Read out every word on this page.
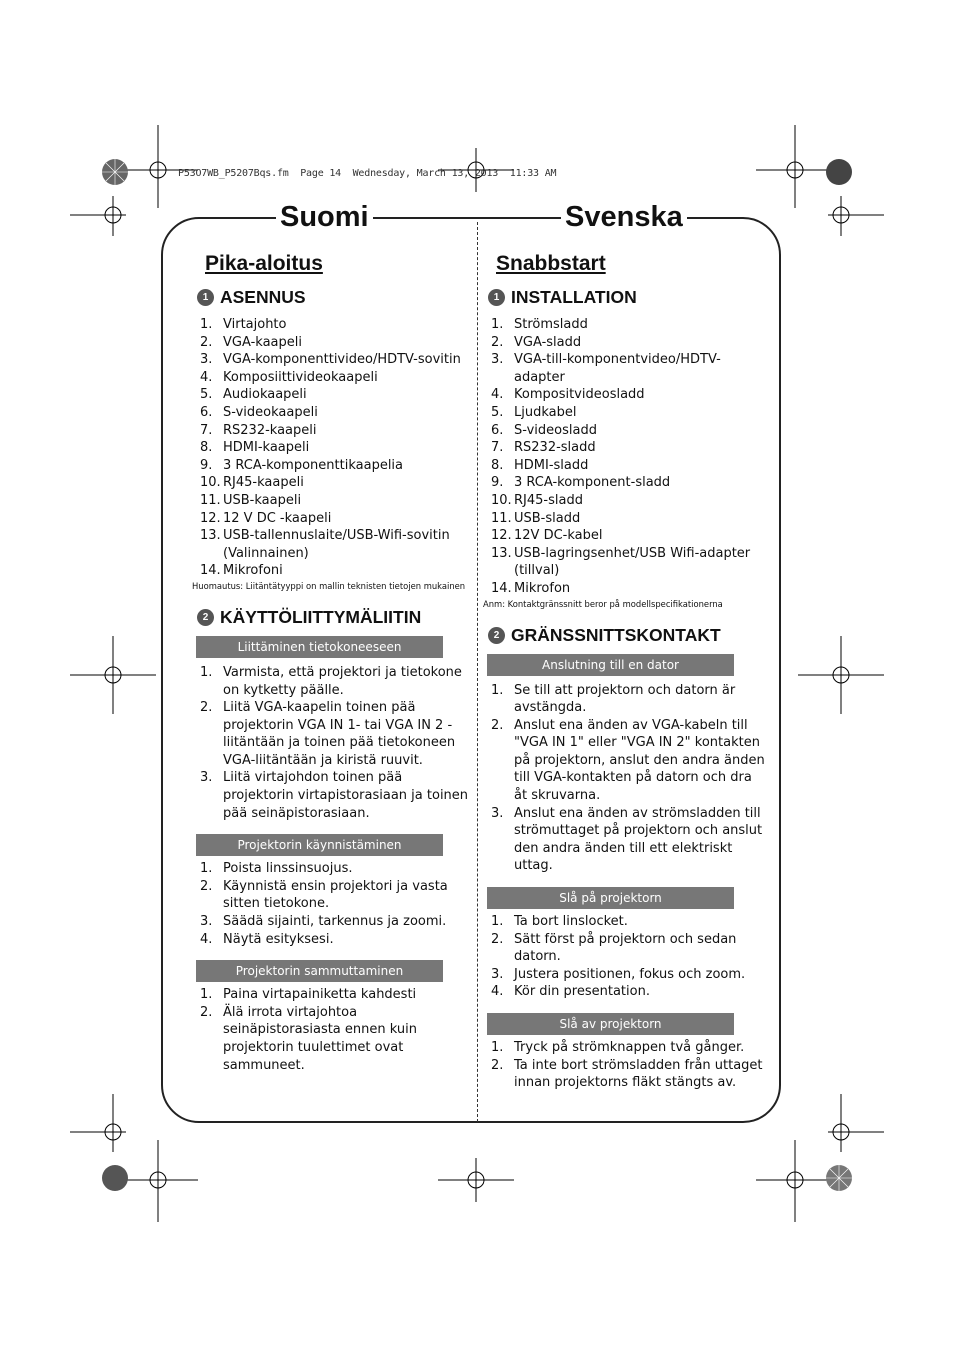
P53O7WB_P5207Bqs.fm  Page 14  Wednesday, March 13, 2013  11:33 AM
Suomi	Svenska
Pika-aloitus
1 ASENNUS
1. Virtajohto
2. VGA-kaapeli
3. VGA-komponenttivideo/HDTV-sovitin
4. Komposiittivideokaapeli
5. Audiokaapeli
6. S-videokaapeli
7. RS232-kaapeli
8. HDMI-kaapeli
9. 3 RCA-komponenttikaapelia
10. RJ45-kaapeli
11. USB-kaapeli
12. 12 V DC -kaapeli
13. USB-tallennuslaite/USB-Wifi-sovitin (Valinnainen)
14. Mikrofoni
Huomautus: Liitäntätyyppi on mallin teknisten tietojen mukainen
2 KÄYTTÖLIITTYMÄLIITIN
Liittäminen tietokoneeseen
1. Varmista, että projektori ja tietokone on kytketty päälle.
2. Liitä VGA-kaapelin toinen pää projektorin VGA IN 1- tai VGA IN 2 -liitäntään ja toinen pää tietokoneen VGA-liitäntään ja kiristä ruuvit.
3. Liitä virtajohdon toinen pää projektorin virtapistorasiaan ja toinen pää seinäpistorasiaan.
Projektorin käynnistäminen
1. Poista linssinsuojus.
2. Käynnistä ensin projektori ja vasta sitten tietokone.
3. Säädä sijainti, tarkennus ja zoomi.
4. Näytä esityksesi.
Projektorin sammuttaminen
1. Paina virtapainiketta kahdesti
2. Älä irrota virtajohtoa seinäpistorasiasta ennen kuin projektorin tuulettimet ovat sammuneet.
Snabbstart
1 INSTALLATION
1. Strömsladd
2. VGA-sladd
3. VGA-till-komponentvideo/HDTV-adapter
4. Kompositvideosladd
5. Ljudkabel
6. S-videosladd
7. RS232-sladd
8. HDMI-sladd
9. 3 RCA-komponent-sladd
10. RJ45-sladd
11. USB-sladd
12. 12V DC-kabel
13. USB-lagringsenhet/USB Wifi-adapter (tillval)
14. Mikrofon
Anm: Kontaktgränssnitt beror på modellspecifikationerna
2 GRÄNSSNITTSKONTAKT
Anslutning till en dator
1. Se till att projektorn och datorn är avstängda.
2. Anslut ena änden av VGA-kabeln till "VGA IN 1" eller "VGA IN 2" kontakten på projektorn, anslut den andra änden till VGA-kontakten på datorn och dra åt skruvarna.
3. Anslut ena änden av strömsladden till strömuttaget på projektorn och anslut den andra änden till ett elektriskt uttag.
Slå på projektorn
1. Ta bort linslocket.
2. Sätt först på projektorn och sedan datorn.
3. Justera positionen, fokus och zoom.
4. Kör din presentation.
Slå av projektorn
1. Tryck på strömknappen två gånger.
2. Ta inte bort strömsladden från uttaget innan projektorns fläkt stängts av.
